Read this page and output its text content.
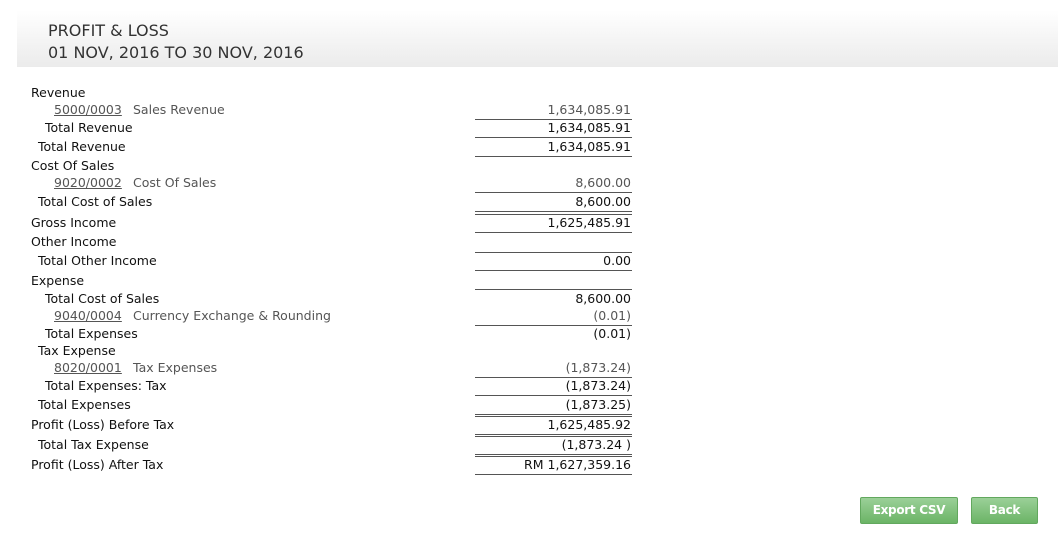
PROFIT & LOSS
01 NOV, 2016 TO 30 NOV, 2016
Revenue
5000/0003 Sales Revenue	1,634,085.91
Total Revenue	1,634,085.91
Total Revenue	1,634,085.91
Cost Of Sales
9020/0002 Cost Of Sales	8,600.00
Total Cost of Sales	8,600.00
Gross Income	1,625,485.91
Other Income
Total Other Income	0.00
Expense
Total Cost of Sales	8,600.00
9040/0004 Currency Exchange & Rounding	(0.01)
Total Expenses	(0.01)
Tax Expense
8020/0001 Tax Expenses	(1,873.24)
Total Expenses: Tax	(1,873.24)
Total Expenses	(1,873.25)
Profit (Loss) Before Tax	1,625,485.92
Total Tax Expense	(1,873.24 )
Profit (Loss) After Tax	RM 1,627,359.16
Export CSV	Back
